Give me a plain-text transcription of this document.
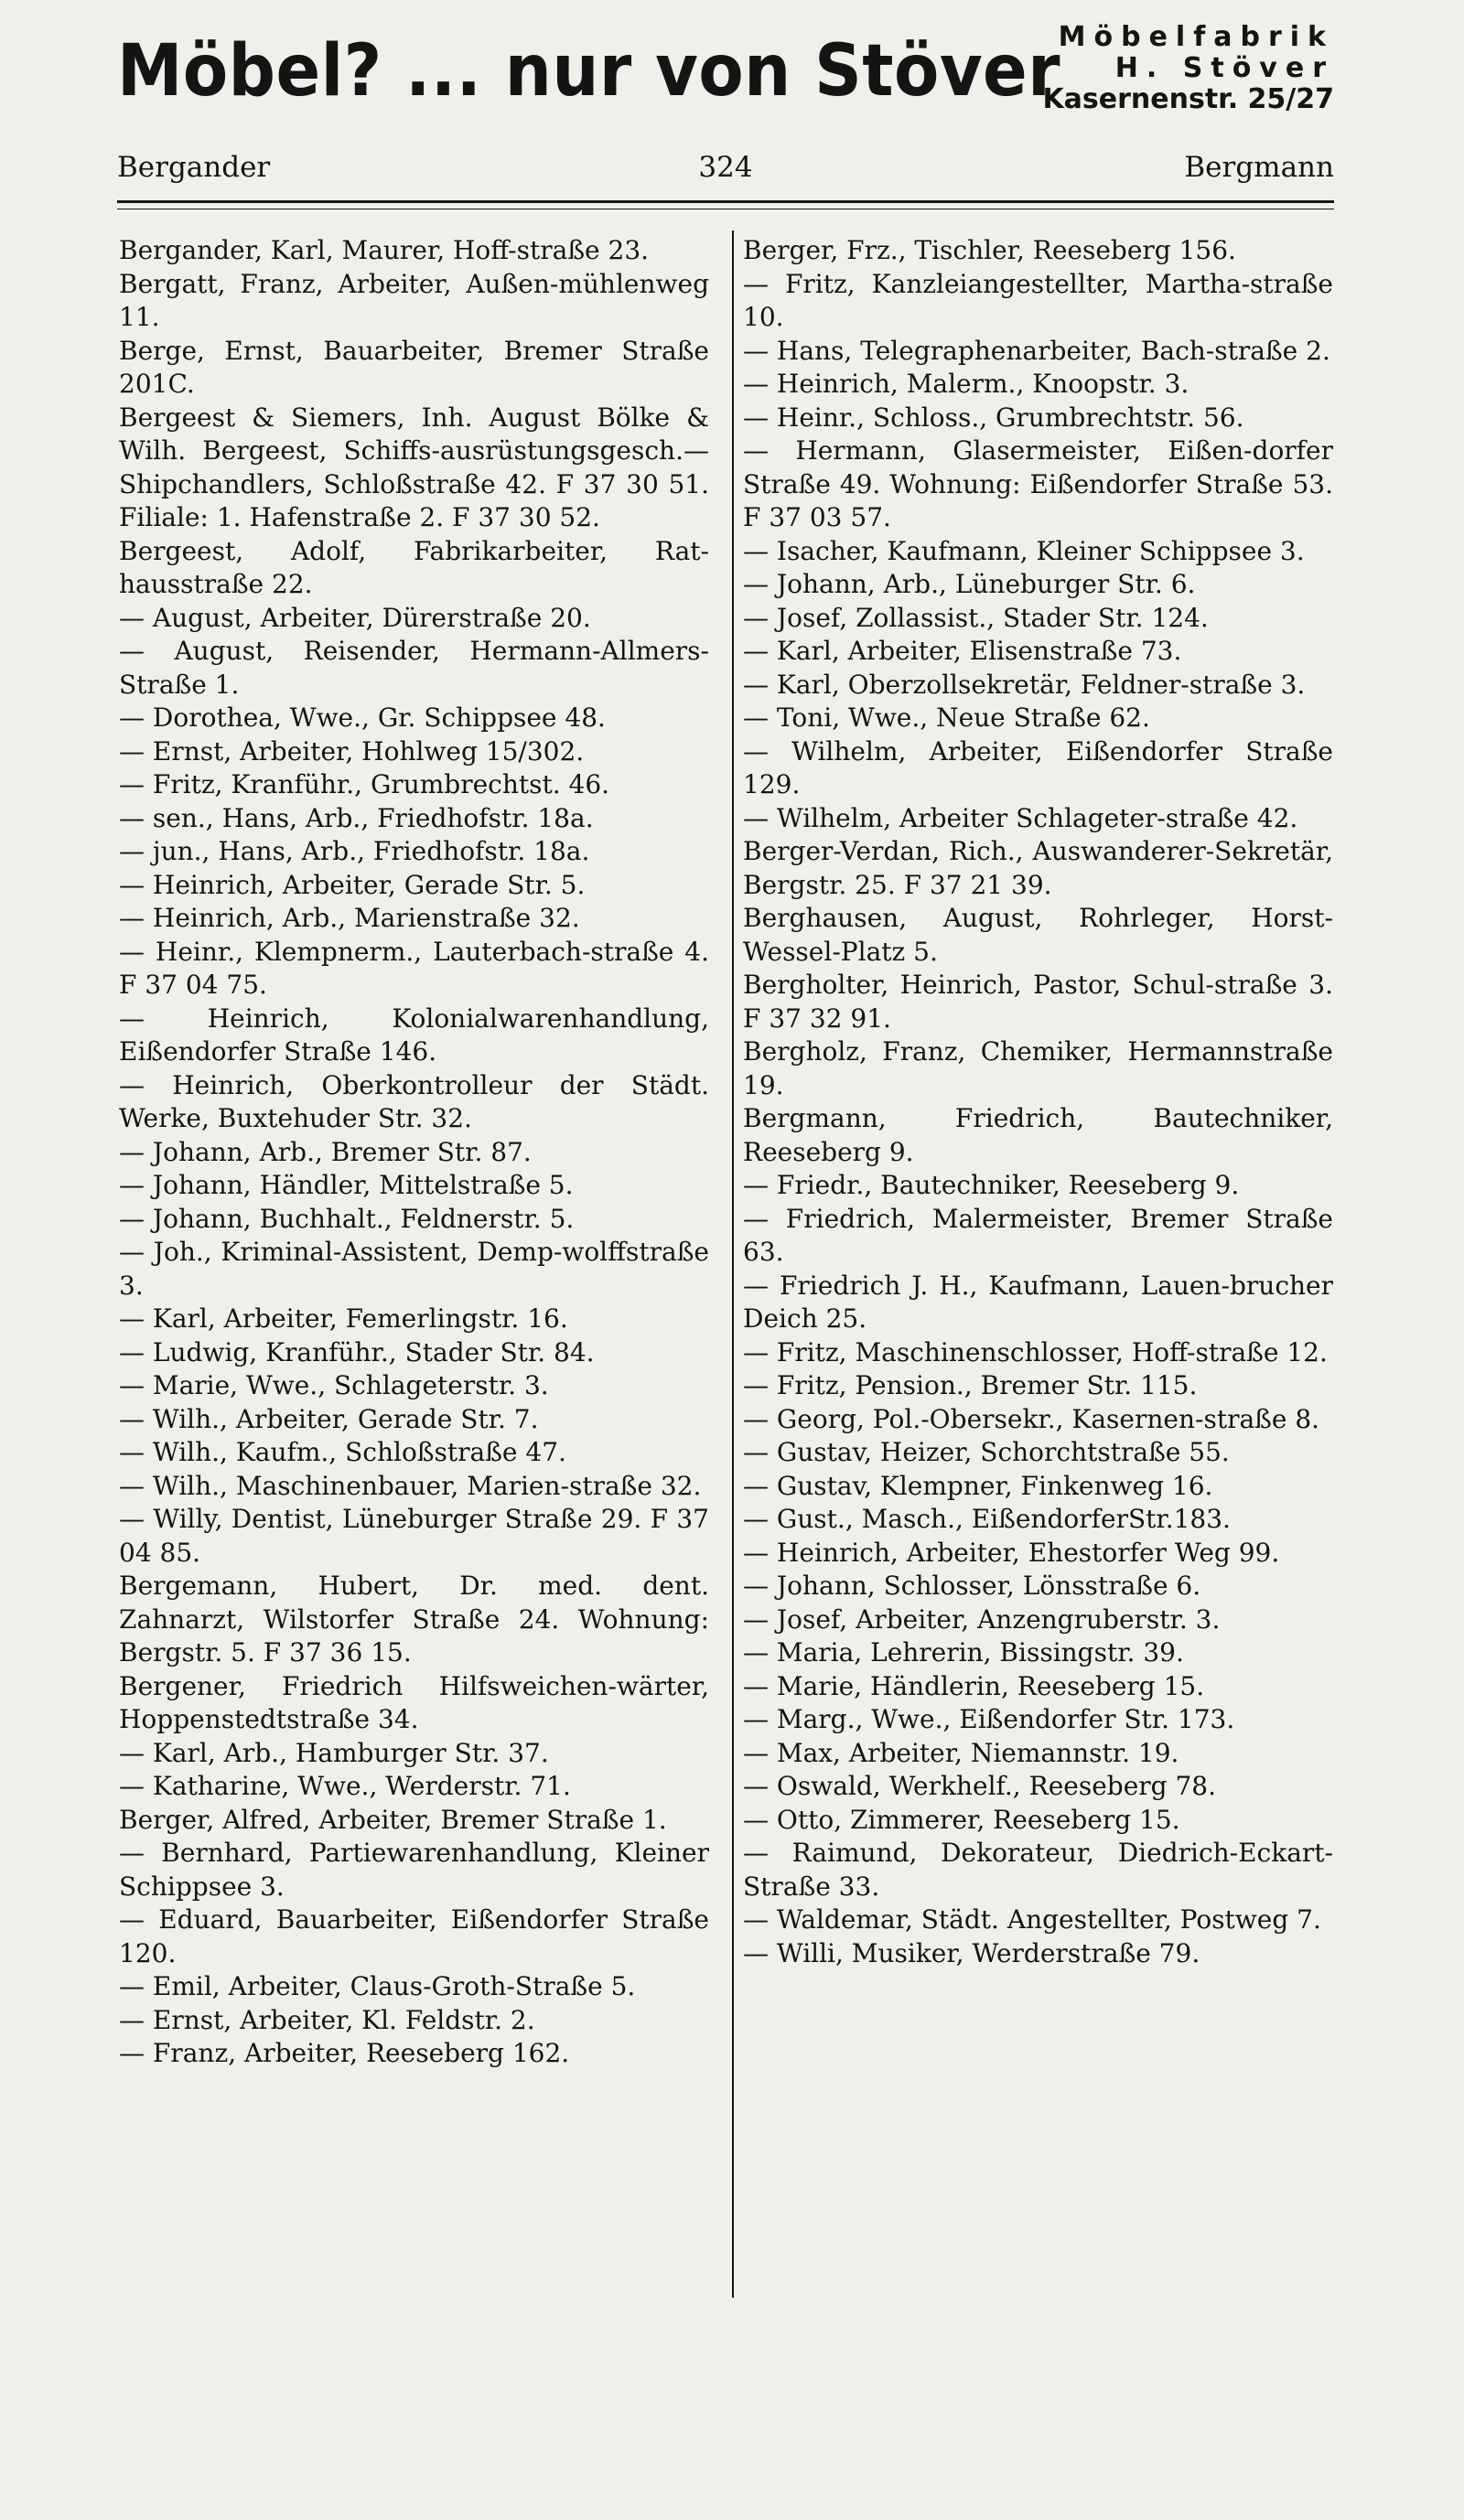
Möbel? ... nur von Stöver
Möbelfabrik
H. Stöver
Kasernenstr. 25/27
324
Bergander	Bergmann
Bergander, Karl, Maurer, Hoff-straße 23.
Bergatt, Franz, Arbeiter, Außen-mühlenweg 11.
Berge, Ernst, Bauarbeiter, Bremer Straße 201C.
Bergeest & Siemers, Inh. August Bölke & Wilh. Bergeest, Schiffs-ausrüstungsgesch.—Shipchandlers, Schloßstraße 42. F 37 30 51. Filiale: 1. Hafenstraße 2. F 37 30 52.
Bergeest, Adolf, Fabrikarbeiter, Rat-hausstraße 22.
— August, Arbeiter, Dürerstraße 20.
— August, Reisender, Hermann-Allmers-Straße 1.
— Dorothea, Wwe., Gr. Schippsee 48.
— Ernst, Arbeiter, Hohlweg 15/302.
— Fritz, Kranführ., Grumbrechtst. 46.
— sen., Hans, Arb., Friedhofstr. 18a.
— jun., Hans, Arb., Friedhofstr. 18a.
— Heinrich, Arbeiter, Gerade Str. 5.
— Heinrich, Arb., Marienstraße 32.
— Heinr., Klempnerm., Lauterbach-straße 4. F 37 04 75.
— Heinrich, Kolonialwarenhandlung, Eißendorfer Straße 146.
— Heinrich, Oberkontrolleur der Städt. Werke, Buxtehuder Str. 32.
— Johann, Arb., Bremer Str. 87.
— Johann, Händler, Mittelstraße 5.
— Johann, Buchhalt., Feldnerstr. 5.
— Joh., Kriminal-Assistent, Demp-wolffstraße 3.
— Karl, Arbeiter, Femerlingstr. 16.
— Ludwig, Kranführ., Stader Str. 84.
— Marie, Wwe., Schlageterstr. 3.
— Wilh., Arbeiter, Gerade Str. 7.
— Wilh., Kaufm., Schloßstraße 47.
— Wilh., Maschinenbauer, Marien-straße 32.
— Willy, Dentist, Lüneburger Straße 29. F 37 04 85.
Bergemann, Hubert, Dr. med. dent. Zahnarzt, Wilstorfer Straße 24. Wohnung: Bergstr. 5. F 37 36 15.
Bergener, Friedrich Hilfsweichen-wärter, Hoppenstedtstraße 34.
— Karl, Arb., Hamburger Str. 37.
— Katharine, Wwe., Werderstr. 71.
Berger, Alfred, Arbeiter, Bremer Straße 1.
— Bernhard, Partiewarenhandlung, Kleiner Schippsee 3.
— Eduard, Bauarbeiter, Eißendorfer Straße 120.
— Emil, Arbeiter, Claus-Groth-Straße 5.
— Ernst, Arbeiter, Kl. Feldstr. 2.
— Franz, Arbeiter, Reeseberg 162.
Berger, Frz., Tischler, Reeseberg 156.
— Fritz, Kanzleiangestellter, Martha-straße 10.
— Hans, Telegraphenarbeiter, Bach-straße 2.
— Heinrich, Malerm., Knoopstr. 3.
— Heinr., Schloss., Grumbrechtstr. 56.
— Hermann, Glasermeister, Eißen-dorfer Straße 49. Wohnung: Eißendorfer Straße 53. F 37 03 57.
— Isacher, Kaufmann, Kleiner Schippsee 3.
— Johann, Arb., Lüneburger Str. 6.
— Josef, Zollassist., Stader Str. 124.
— Karl, Arbeiter, Elisenstraße 73.
— Karl, Oberzollsekretär, Feldner-straße 3.
— Toni, Wwe., Neue Straße 62.
— Wilhelm, Arbeiter, Eißendorfer Straße 129.
— Wilhelm, Arbeiter Schlageter-straße 42.
Berger-Verdan, Rich., Auswanderer-Sekretär, Bergstr. 25. F 37 21 39.
Berghausen, August, Rohrleger, Horst-Wessel-Platz 5.
Bergholter, Heinrich, Pastor, Schul-straße 3. F 37 32 91.
Bergholz, Franz, Chemiker, Hermannstraße 19.
Bergmann, Friedrich, Bautechniker, Reeseberg 9.
— Friedr., Bautechniker, Reeseberg 9.
— Friedrich, Malermeister, Bremer Straße 63.
— Friedrich J. H., Kaufmann, Lauen-brucher Deich 25.
— Fritz, Maschinenschlosser, Hoff-straße 12.
— Fritz, Pension., Bremer Str. 115.
— Georg, Pol.-Obersekr., Kasernen-straße 8.
— Gustav, Heizer, Schorchtstraße 55.
— Gustav, Klempner, Finkenweg 16.
— Gust., Masch., EißendorferStr.183.
— Heinrich, Arbeiter, Ehestorfer Weg 99.
— Johann, Schlosser, Lönsstraße 6.
— Josef, Arbeiter, Anzengruberstr. 3.
— Maria, Lehrerin, Bissingstr. 39.
— Marie, Händlerin, Reeseberg 15.
— Marg., Wwe., Eißendorfer Str. 173.
— Max, Arbeiter, Niemannstr. 19.
— Oswald, Werkhelf., Reeseberg 78.
— Otto, Zimmerer, Reeseberg 15.
— Raimund, Dekorateur, Diedrich-Eckart-Straße 33.
— Waldemar, Städt. Angestellter, Postweg 7.
— Willi, Musiker, Werderstraße 79.
